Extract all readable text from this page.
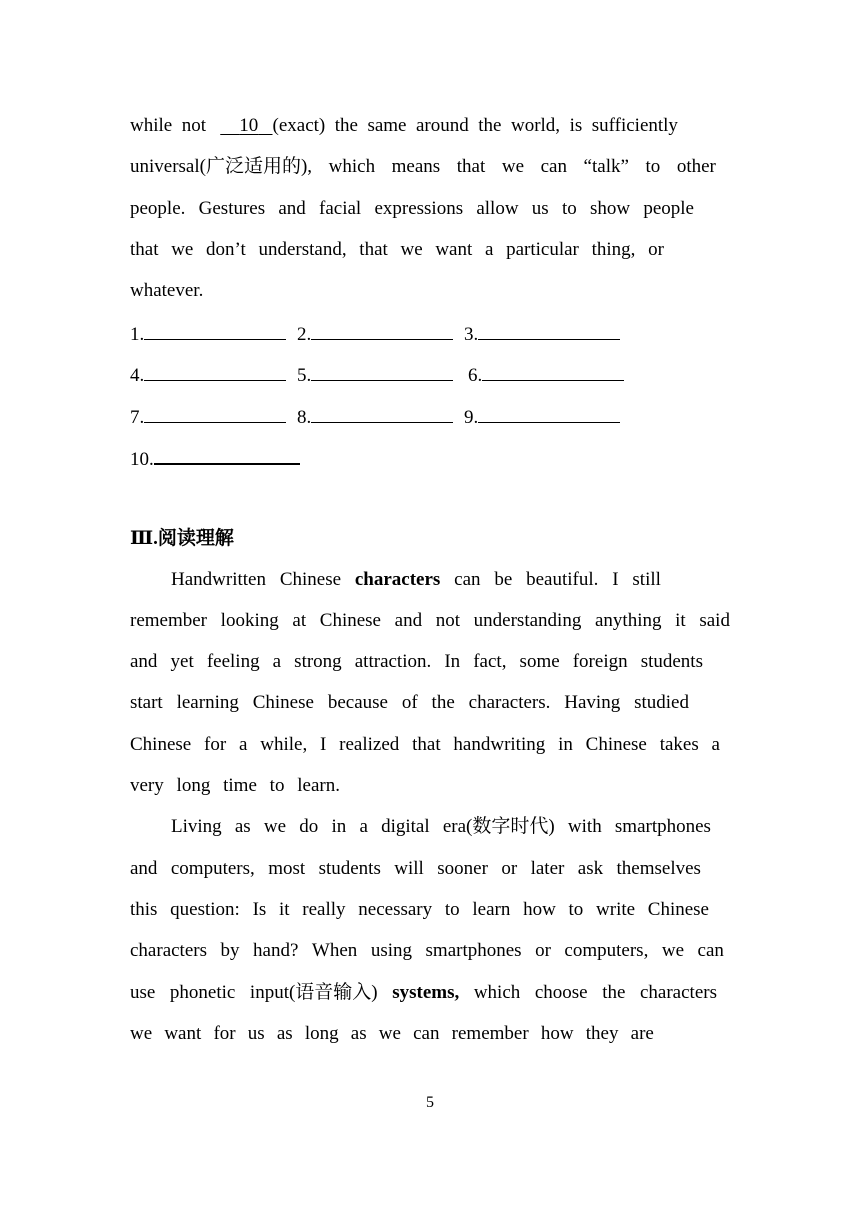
while not 10 (exact) the same around the world, is sufficiently
universal(广泛适用的), which means that we can “talk” to other
people. Gestures and facial expressions allow us to show people
that we don’t understand, that we want a particular thing, or
whatever.
1.	2.	3.
4.	5.	6.
7.	8.	9.
10.
Ⅲ.阅读理解
Handwritten Chinese characters can be beautiful. I still
remember looking at Chinese and not understanding anything it said
and yet feeling a strong attraction. In fact, some foreign students
start learning Chinese because of the characters. Having studied
Chinese for a while, I realized that handwriting in Chinese takes a
very long time to learn.
Living as we do in a digital era(数字时代) with smartphones
and computers, most students will sooner or later ask themselves
this question: Is it really necessary to learn how to write Chinese
characters by hand? When using smartphones or computers, we can
use phonetic input(语音输入) systems, which choose the characters
we want for us as long as we can remember how they are
5
